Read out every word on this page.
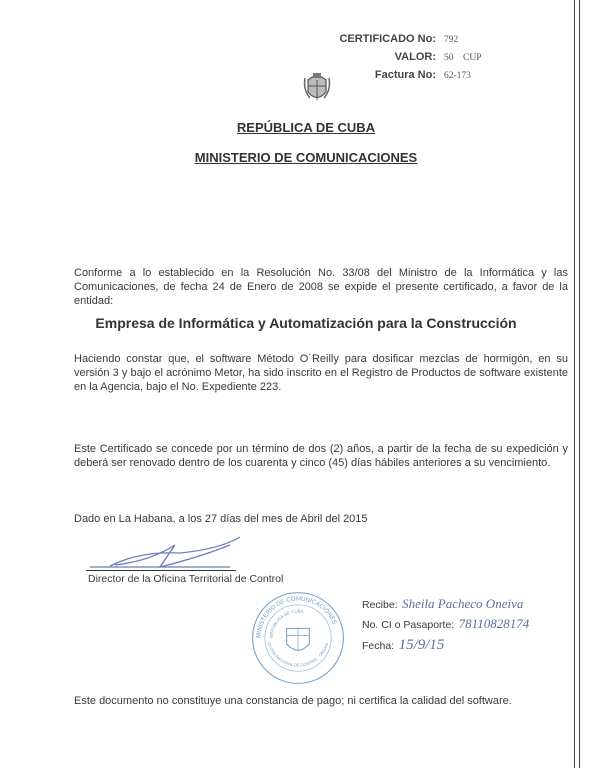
CERTIFICADO No: 792
VALOR: 50 CUP
Factura No: 62-173
REPÚBLICA DE CUBA
MINISTERIO DE COMUNICACIONES
Conforme a lo establecido en la Resolución No. 33/08 del Ministro de la Informática y las Comunicaciones, de fecha 24 de Enero de 2008 se expide el presente certificado, a favor de la entidad:
Empresa de Informática y Automatización para la Construcción
Haciendo constar que, el software Método O´Reilly para dosificar mezclas de hormigón, en su versión 3 y bajo el acrónimo Metor, ha sido inscrito en el Registro de Productos de software existente en la Agencia, bajo el No. Expediente 223.
Este Certificado se concede por un término de dos (2) años, a partir de la fecha de su expedición y deberá ser renovado dentro de los cuarenta y cinco (45) días hábiles anteriores a su vencimiento.
Dado en La Habana, a los 27 días del mes de Abril del 2015
Director de la Oficina Territorial de Control
MINISTERIO DE COMUNICACIONES
REPÚBLICA DE CUBA
OFICINA NACIONAL DE CONTROL · ORGANI
Recibe: Sheila Pacheco Oneiva
No. CI o Pasaporte: 78110828174
Fecha: 15/9/15
Este documento no constituye una constancia de pago; ni certifica la calidad del software.
